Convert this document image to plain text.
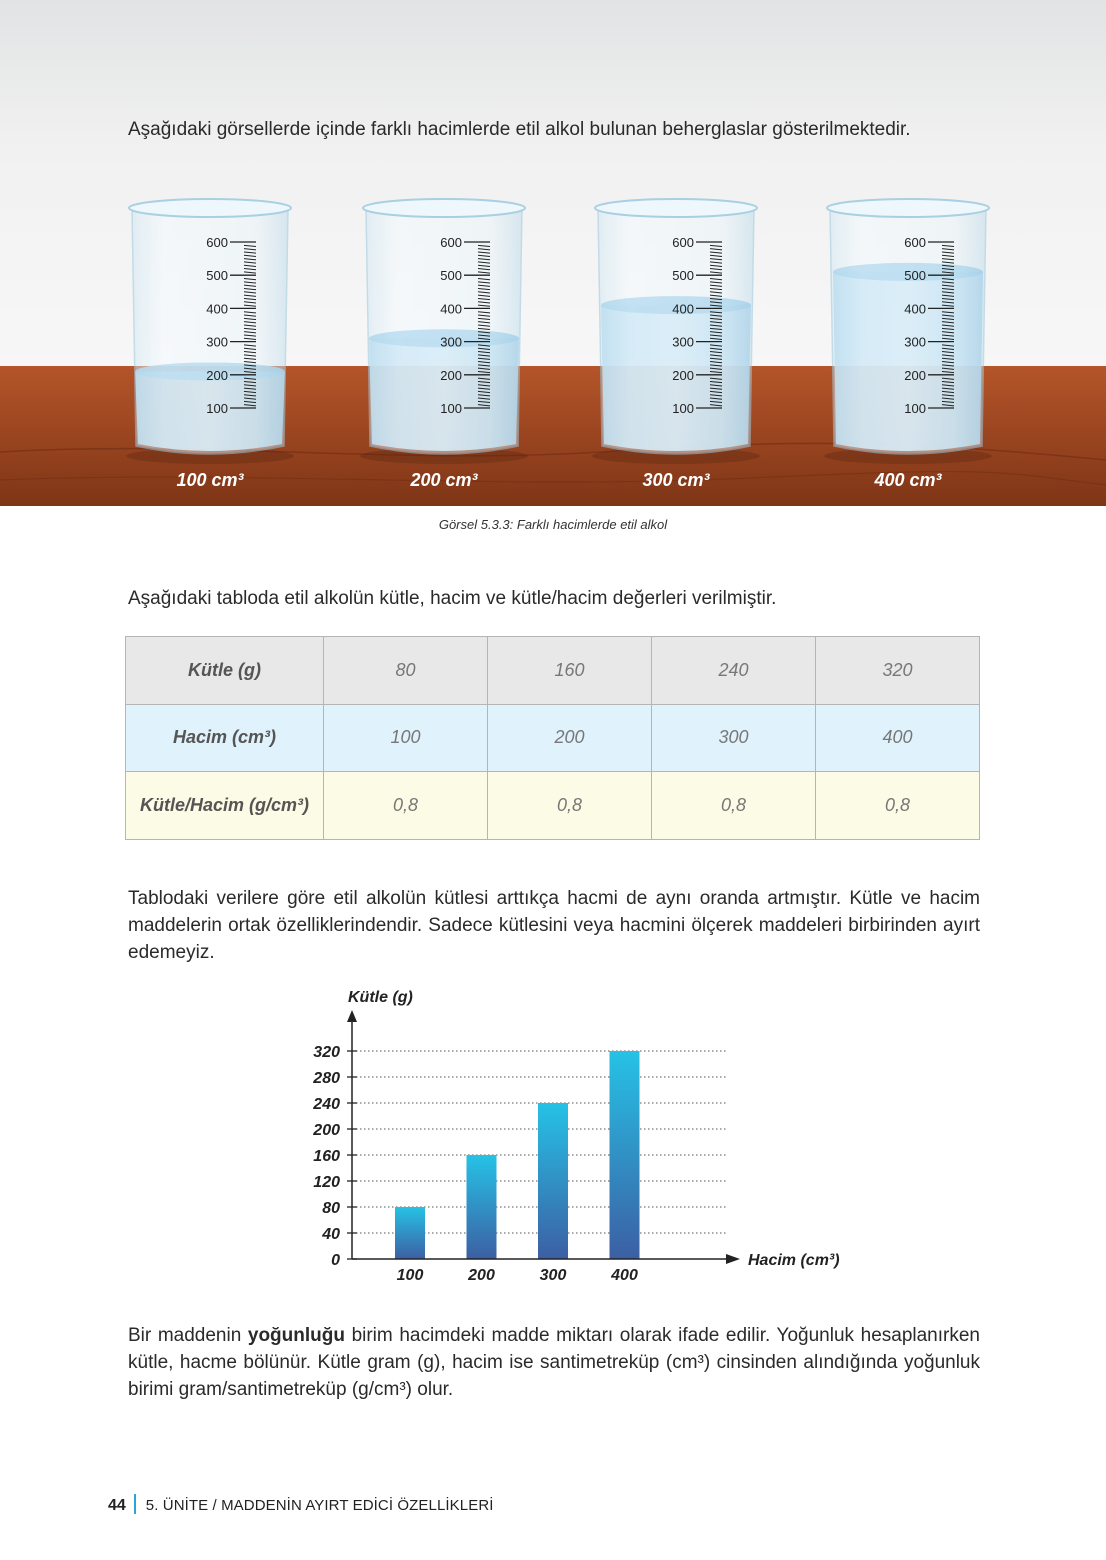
Aşağıdaki görsellerde içinde farklı hacimlerde etil alkol bulunan beherglaslar gösterilmektedir.
600
500
400
300
200
100
100 cm³
600
500
400
300
200
100
200 cm³
600
500
400
300
200
100
300 cm³
600
500
400
300
200
100
400 cm³
Görsel 5.3.3: Farklı hacimlerde etil alkol
Aşağıdaki tabloda etil alkolün kütle, hacim ve kütle/hacim değerleri verilmiştir.
Kütle (g)	80	160	240	320
Hacim (cm³)	100	200	300	400
Kütle/Hacim (g/cm³)	0,8	0,8	0,8	0,8
Tablodaki verilere göre etil alkolün kütlesi arttıkça hacmi de aynı oranda artmıştır. Kütle ve hacim maddelerin ortak özelliklerindendir. Sadece kütlesini veya hacmini ölçerek maddeleri birbirinden ayırt edemeyiz.
0
40
80
120
160
200
240
280
320
100	200	300	400
Kütle (g)
Hacim (cm³)
Bir maddenin yoğunluğu birim hacimdeki madde miktarı olarak ifade edilir. Yoğunluk hesaplanırken kütle, hacme bölünür. Kütle gram (g), hacim ise santimetreküp (cm³) cinsinden alındığında yoğunluk birimi gram/santimetreküp (g/cm³) olur.
44 5. ÜNİTE / MADDENİN AYIRT EDİCİ ÖZELLİKLERİ
